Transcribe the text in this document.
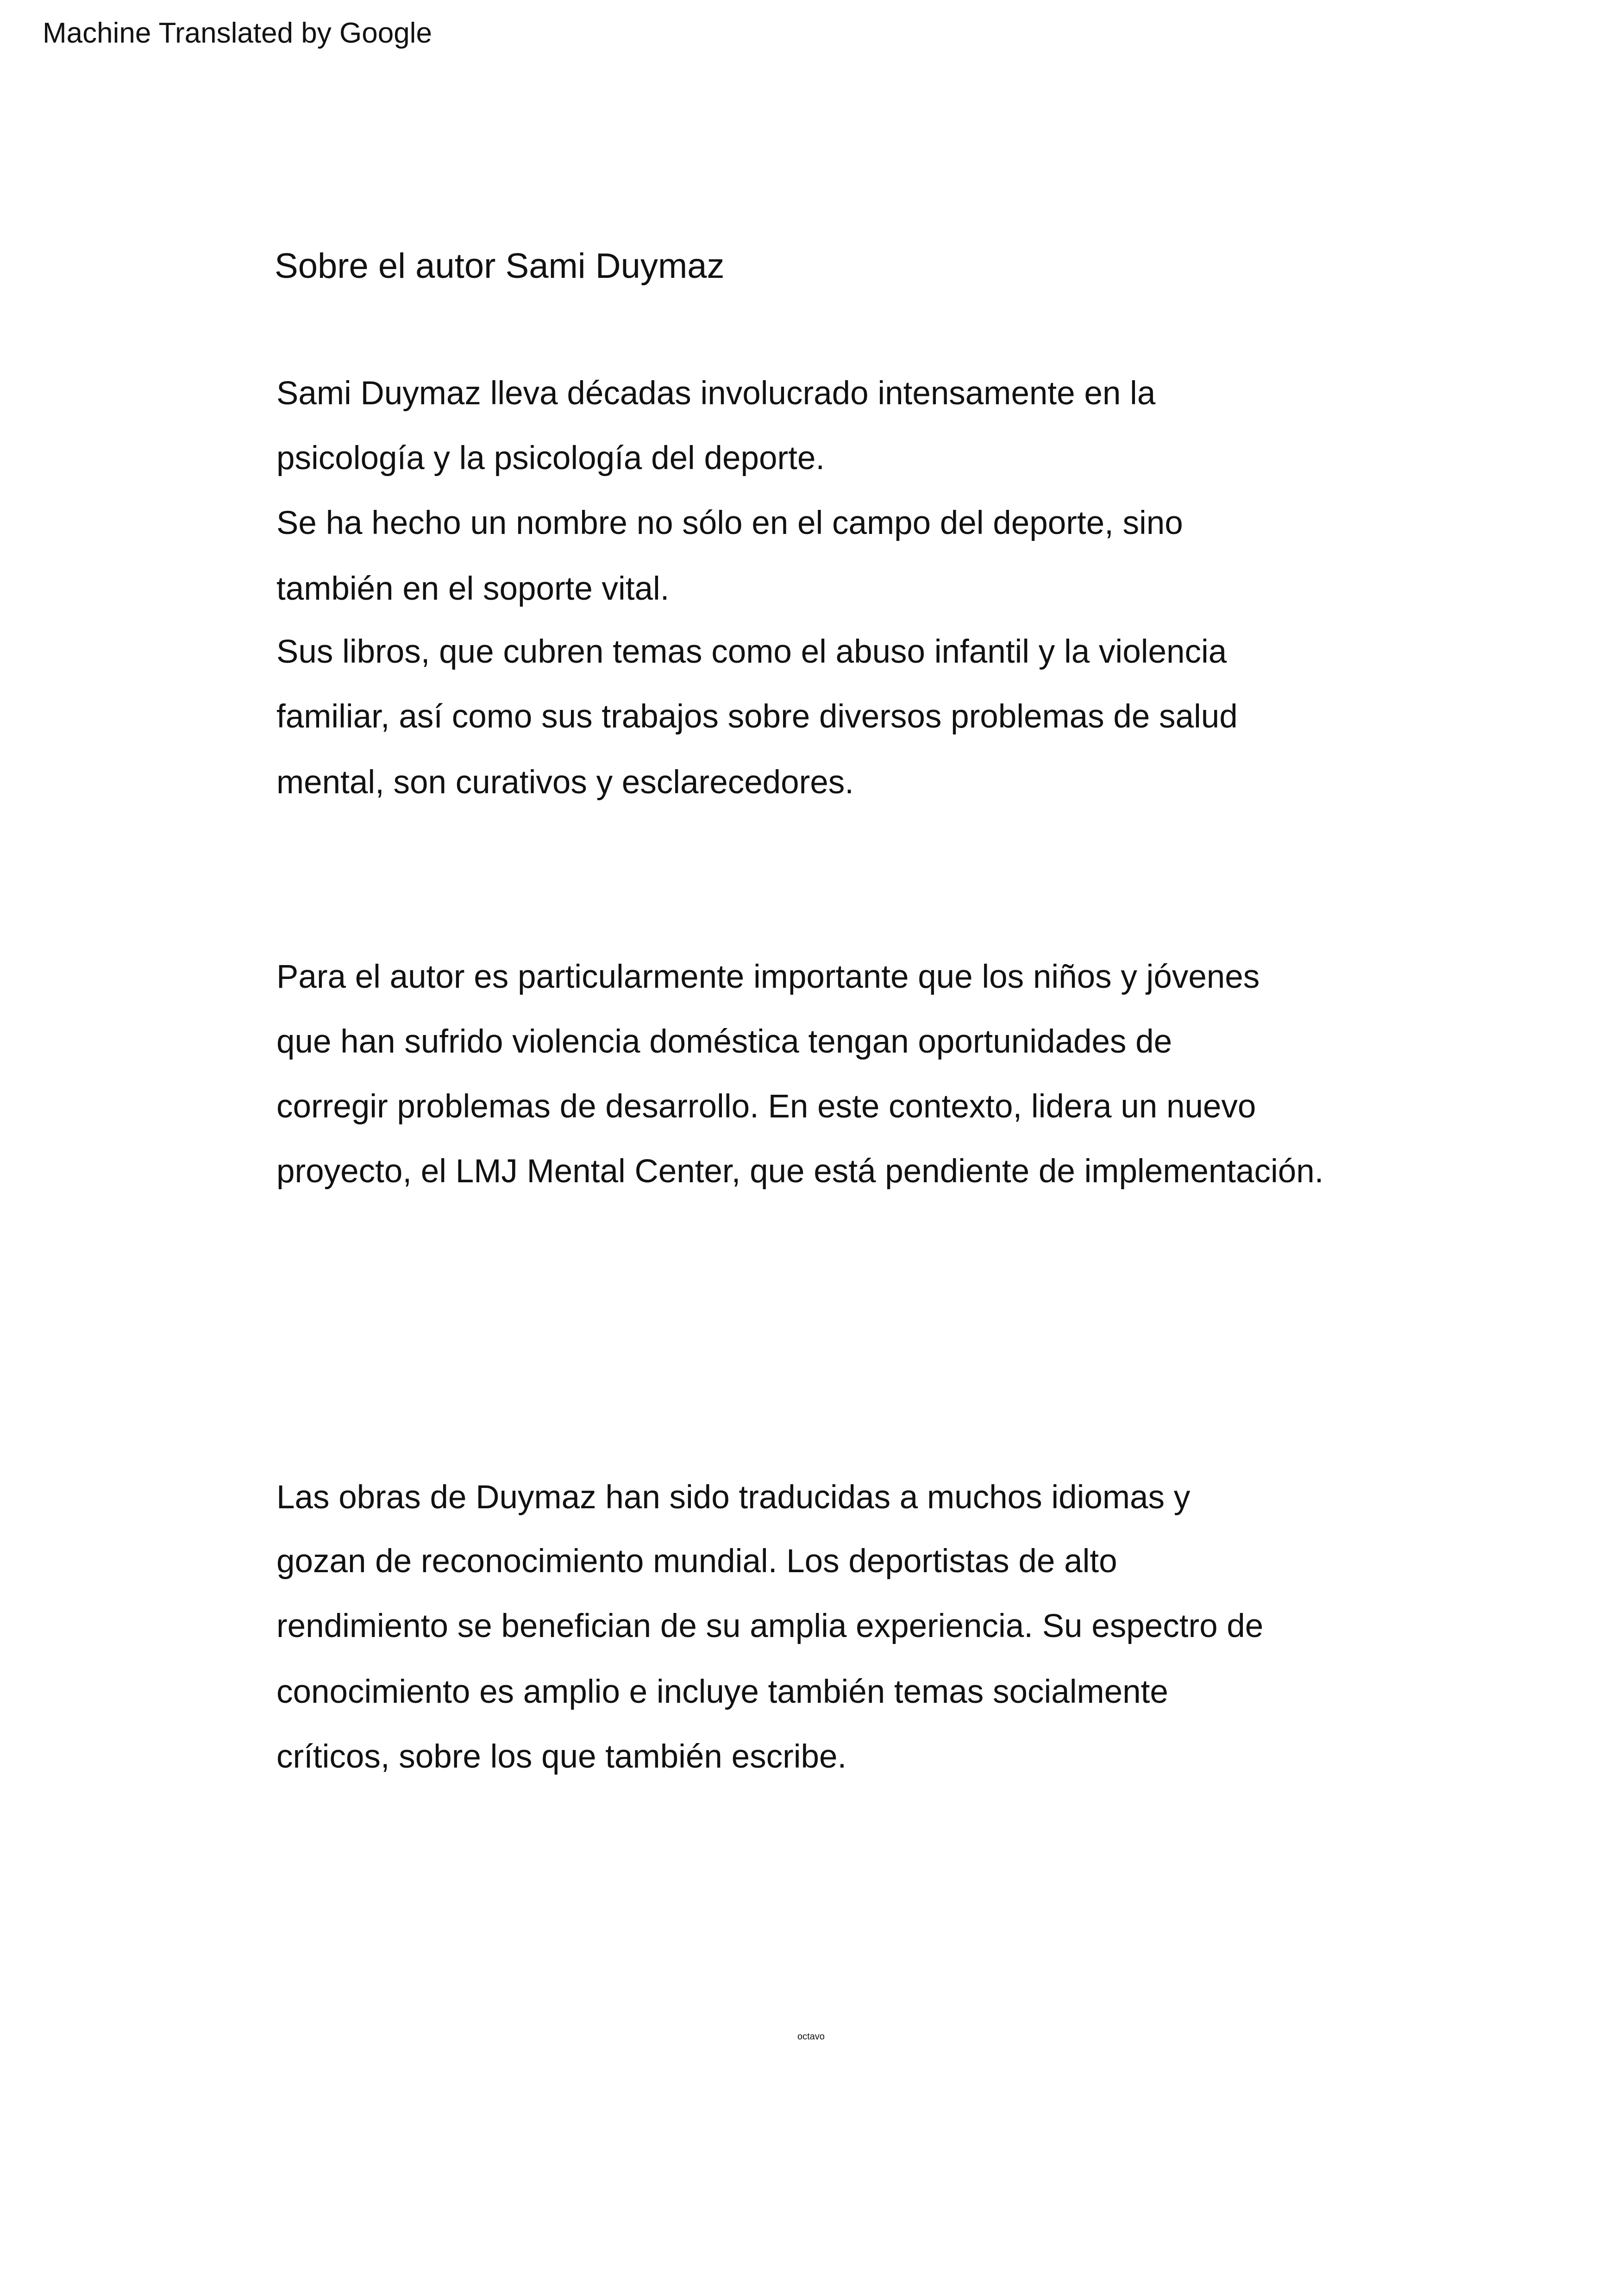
Machine Translated by Google
Sobre el autor Sami Duymaz
Sami Duymaz lleva décadas involucrado intensamente en la
psicología y la psicología del deporte.
Se ha hecho un nombre no sólo en el campo del deporte, sino
también en el soporte vital.
Sus libros, que cubren temas como el abuso infantil y la violencia
familiar, así como sus trabajos sobre diversos problemas de salud
mental, son curativos y esclarecedores.
Para el autor es particularmente importante que los niños y jóvenes
que han sufrido violencia doméstica tengan oportunidades de
corregir problemas de desarrollo. En este contexto, lidera un nuevo
proyecto, el LMJ Mental Center, que está pendiente de implementación.
Las obras de Duymaz han sido traducidas a muchos idiomas y
gozan de reconocimiento mundial. Los deportistas de alto
rendimiento se benefician de su amplia experiencia. Su espectro de
conocimiento es amplio e incluye también temas socialmente
críticos, sobre los que también escribe.
octavo
